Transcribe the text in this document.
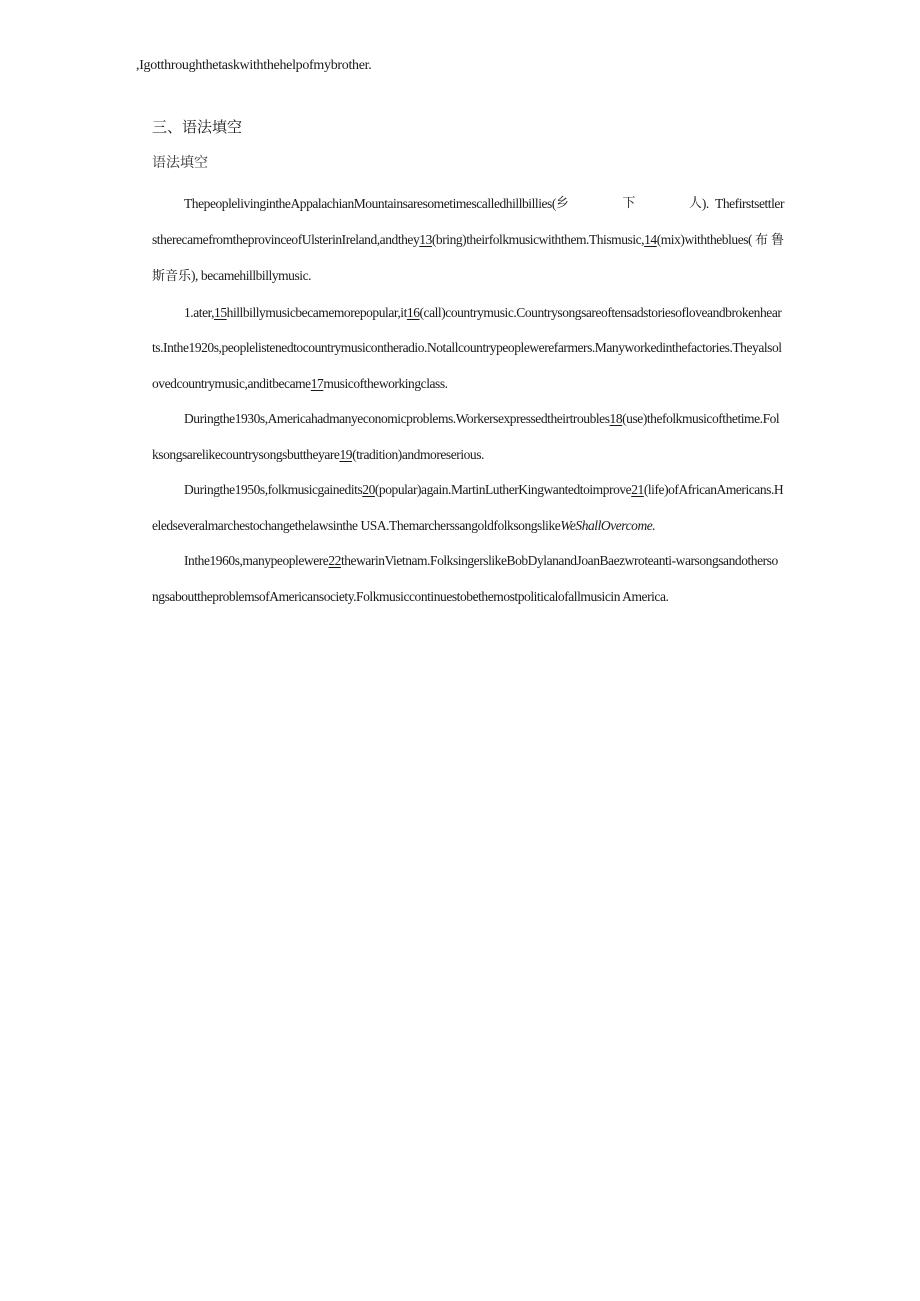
,Igotthroughthetaskwiththehelpofmybrother.
三、语法填空
语法填空

ThepeoplelivingintheAppalachianMountainsaresometimescalledhillbillies(乡 下 人). ThefirstsettlerstherecamefromtheprovinceofUlsterinIreland,andthey13(bring)theirfolkmusicwiththem.Thismusic,14(mix)withtheblues(布鲁斯音乐), becamehillbillymusic.

1.ater,15hillbillymusicbecamemorepopular,it16(call)countrymusic.Countrysongsareoftensadstoriesofloveandbrokenhearts.Inthe1920s,peoplelistenedtocountrymusicontheradio.Notallcountrypeoplewerefarmers.Manyworkedinthefactories.Theyalsolovedcountrymusic,anditbecame17musicoftheworkingclass.

Duringthe1930s,Americahadmanyeconomicproblems.Workersexpressedtheirtroubles18(use)thefolkmusicofthetime.Folksongsarelikecountrysongsbuttheyare19(tradition)andmoreserious.

Duringthe1950s,folkmusicgainedits20(popular)again.MartinLutherKingwantedtoimprove21(life)ofAfricanAmericans.Heledseveralmarchestochangethelawsinthe USA.ThemarcherssangoldfolksongslikeWeShallOvercome.

Inthe1960s,manypeoplewere22thewarinVietnam.FolksingerslikeBobDylanandJoanBaezwroteanti-warsongsandothersongsabouttheproblemsofAmericansociety.Folkmusiccontinuestobethemostpoliticalofallmusicin America.
